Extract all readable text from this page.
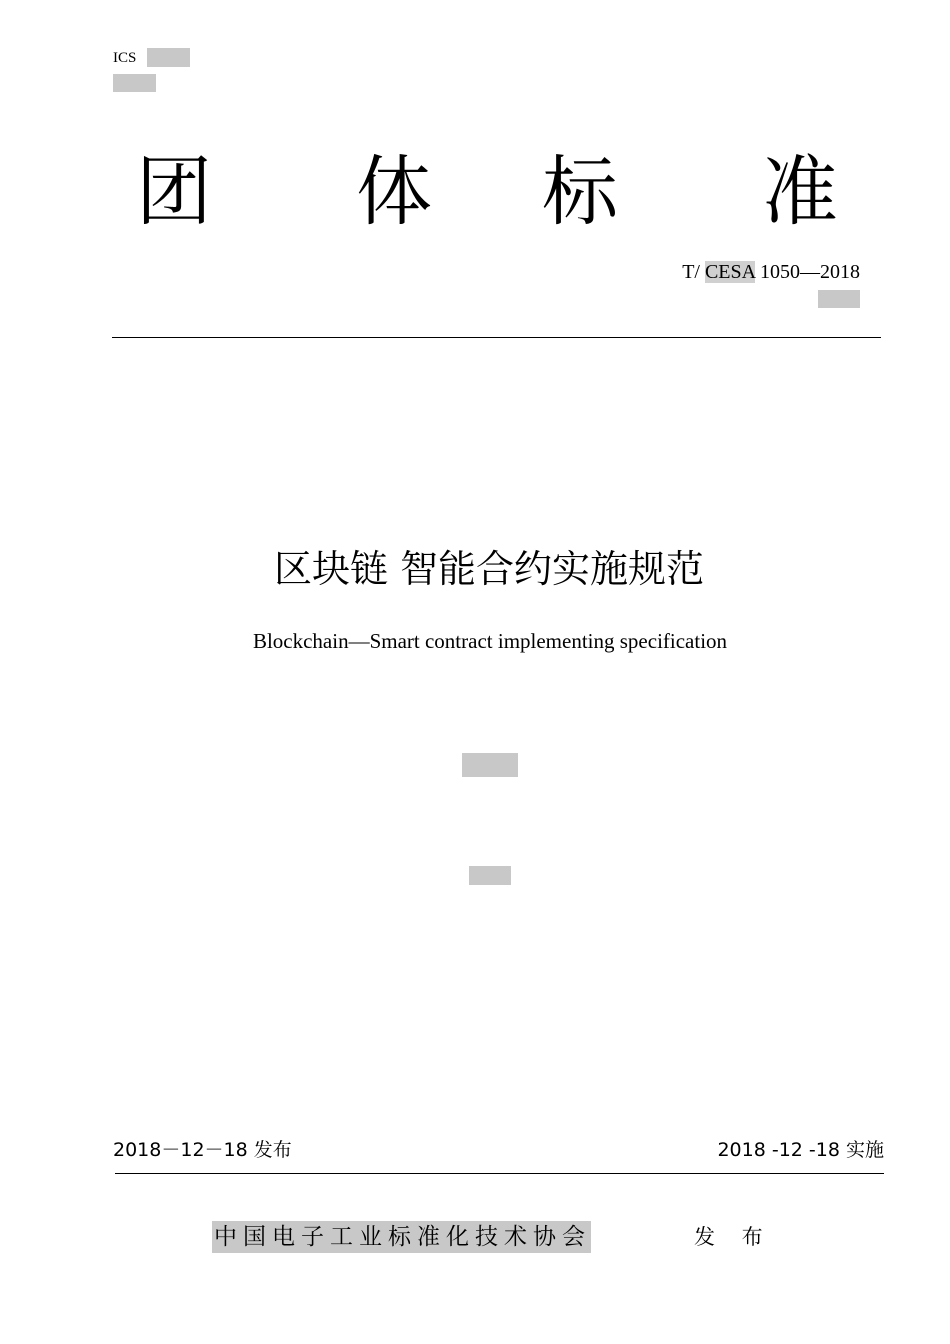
ICS
团 体 标 准
T/ CESA 1050—2018
区块链 智能合约实施规范
Blockchain—Smart contract implementing specification
2018－12－18 发布	2018 -12 -18 实施
中国电子工业标准化技术协会	发 布
